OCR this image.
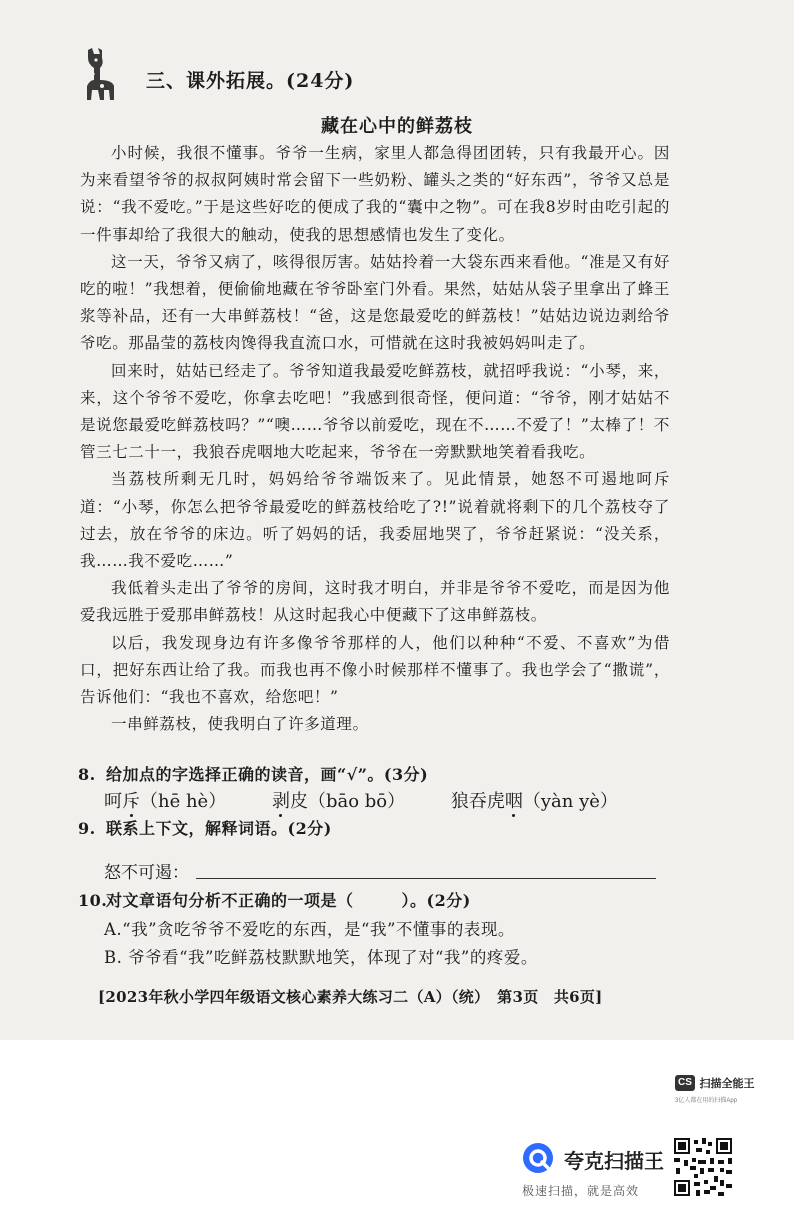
三、课外拓展。(24分)
藏在心中的鲜荔枝

小时候，我很不懂事。爷爷一生病，家里人都急得团团转，只有我最开心。因为来看望爷爷的叔叔阿姨时常会留下一些奶粉、罐头之类的“好东西”，爷爷又总是说：“我不爱吃。”于是这些好吃的便成了我的“囊中之物”。可在我8岁时由吃引起的一件事却给了我很大的触动，使我的思想感情也发生了变化。

这一天，爷爷又病了，咳得很厉害。姑姑拎着一大袋东西来看他。“准是又有好吃的啦！”我想着，便偷偷地藏在爷爷卧室门外看。果然，姑姑从袋子里拿出了蜂王浆等补品，还有一大串鲜荔枝！“爸，这是您最爱吃的鲜荔枝！”姑姑边说边剥给爷爷吃。那晶莹的荔枝肉馋得我直流口水，可惜就在这时我被妈妈叫走了。

回来时，姑姑已经走了。爷爷知道我最爱吃鲜荔枝，就招呼我说：“小琴，来，来，这个爷爷不爱吃，你拿去吃吧！”我感到很奇怪，便问道：“爷爷，刚才姑姑不是说您最爱吃鲜荔枝吗？”“噢……爷爷以前爱吃，现在不……不爱了！”太棒了！不管三七二十一，我狼吞虎咽地大吃起来，爷爷在一旁默默地笑着看我吃。

当荔枝所剩无几时，妈妈给爷爷端饭来了。见此情景，她怒不可遏地呵斥道：“小琴，你怎么把爷爷最爱吃的鲜荔枝给吃了?!”说着就将剩下的几个荔枝夺了过去，放在爷爷的床边。听了妈妈的话，我委屈地哭了，爷爷赶紧说：“没关系，我……我不爱吃……”

我低着头走出了爷爷的房间，这时我才明白，并非是爷爷不爱吃，而是因为他爱我远胜于爱那串鲜荔枝！从这时起我心中便藏下了这串鲜荔枝。

以后，我发现身边有许多像爷爷那样的人，他们以种种“不爱、不喜欢”为借口，把好东西让给了我。而我也再不像小时候那样不懂事了。我也学会了“撒谎”，告诉他们：“我也不喜欢，给您吧！”

一串鲜荔枝，使我明白了许多道理。

8. 给加点的字选择正确的读音，画“√”。(3分)
呵斥（hē hè）	剥皮（bāo bō）	狼吞虎咽（yàn yè）
9. 联系上下文，解释词语。(2分)
怒不可遏：
10.对文章语句分析不正确的一项是（	）。(2分)
A.“我”贪吃爷爷不爱吃的东西，是“我”不懂事的表现。
B. 爷爷看“我”吃鲜荔枝默默地笑，体现了对“我”的疼爱。
[2023年秋小学四年级语文核心素养大练习二（A）（统）　第3页　共6页]
CS 扫描全能王
3亿人都在用的扫描App
夸克扫描王
极速扫描，就是高效
